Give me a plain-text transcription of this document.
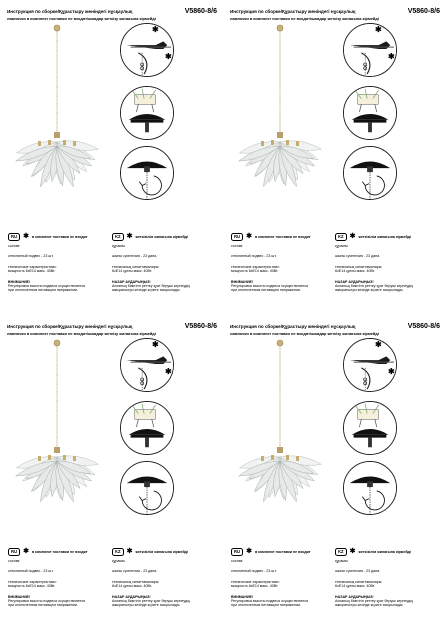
Инструкция по сборке/Құрастыру жөніндегі нұсқаулық	V5860-8/6
лампочки в комплект поставки не входят/шамдар жеткізу жинағына кірмейді
✱
✱
RU ✱ в комплект поставки не входит	KZ ✱ жеткізілім жинағына кірмейді
состав:
стеклянный подвес - 23 шт.
технические характеристики:
мощность 6хЕ14 макс. 40Вт.
ВНИМАНИЕ!
Регулировка высоты подвеса осуществляется
при отключенном питающем напряжении.
құрамы:
шыны суспензия - 23 дана.
техникалық сипаттамалары:
6хЕ14 қуаты макс. 40Вт.
НАЗАР АУДАРЫҢЫЗ!
Аспаның биіктігін реттеу қуат беруші кернеудің
ажыратылуы кезінде жүзеге асырылады.
Инструкция по сборке/Құрастыру жөніндегі нұсқаулық	V5860-8/6
лампочки в комплект поставки не входят/шамдар жеткізу жинағына кірмейді
✱
✱
RU ✱ в комплект поставки не входит	KZ ✱ жеткізілім жинағына кірмейді
состав:
стеклянный подвес - 23 шт.
технические характеристики:
мощность 6хЕ14 макс. 40Вт.
ВНИМАНИЕ!
Регулировка высоты подвеса осуществляется
при отключенном питающем напряжении.
құрамы:
шыны суспензия - 23 дана.
техникалық сипаттамалары:
6хЕ14 қуаты макс. 40Вт.
НАЗАР АУДАРЫҢЫЗ!
Аспаның биіктігін реттеу қуат беруші кернеудің
ажыратылуы кезінде жүзеге асырылады.
Инструкция по сборке/Құрастыру жөніндегі нұсқаулық	V5860-8/6
лампочки в комплект поставки не входят/шамдар жеткізу жинағына кірмейді
✱
✱
RU ✱ в комплект поставки не входит	KZ ✱ жеткізілім жинағына кірмейді
состав:
стеклянный подвес - 23 шт.
технические характеристики:
мощность 6хЕ14 макс. 40Вт.
ВНИМАНИЕ!
Регулировка высоты подвеса осуществляется
при отключенном питающем напряжении.
құрамы:
шыны суспензия - 23 дана.
техникалық сипаттамалары:
6хЕ14 қуаты макс. 40Вт.
НАЗАР АУДАРЫҢЫЗ!
Аспаның биіктігін реттеу қуат беруші кернеудің
ажыратылуы кезінде жүзеге асырылады.
Инструкция по сборке/Құрастыру жөніндегі нұсқаулық	V5860-8/6
лампочки в комплект поставки не входят/шамдар жеткізу жинағына кірмейді
✱
✱
RU ✱ в комплект поставки не входит	KZ ✱ жеткізілім жинағына кірмейді
состав:
стеклянный подвес - 23 шт.
технические характеристики:
мощность 6хЕ14 макс. 40Вт.
ВНИМАНИЕ!
Регулировка высоты подвеса осуществляется
при отключенном питающем напряжении.
құрамы:
шыны суспензия - 23 дана.
техникалық сипаттамалары:
6хЕ14 қуаты макс. 40Вт.
НАЗАР АУДАРЫҢЫЗ!
Аспаның биіктігін реттеу қуат беруші кернеудің
ажыратылуы кезінде жүзеге асырылады.
